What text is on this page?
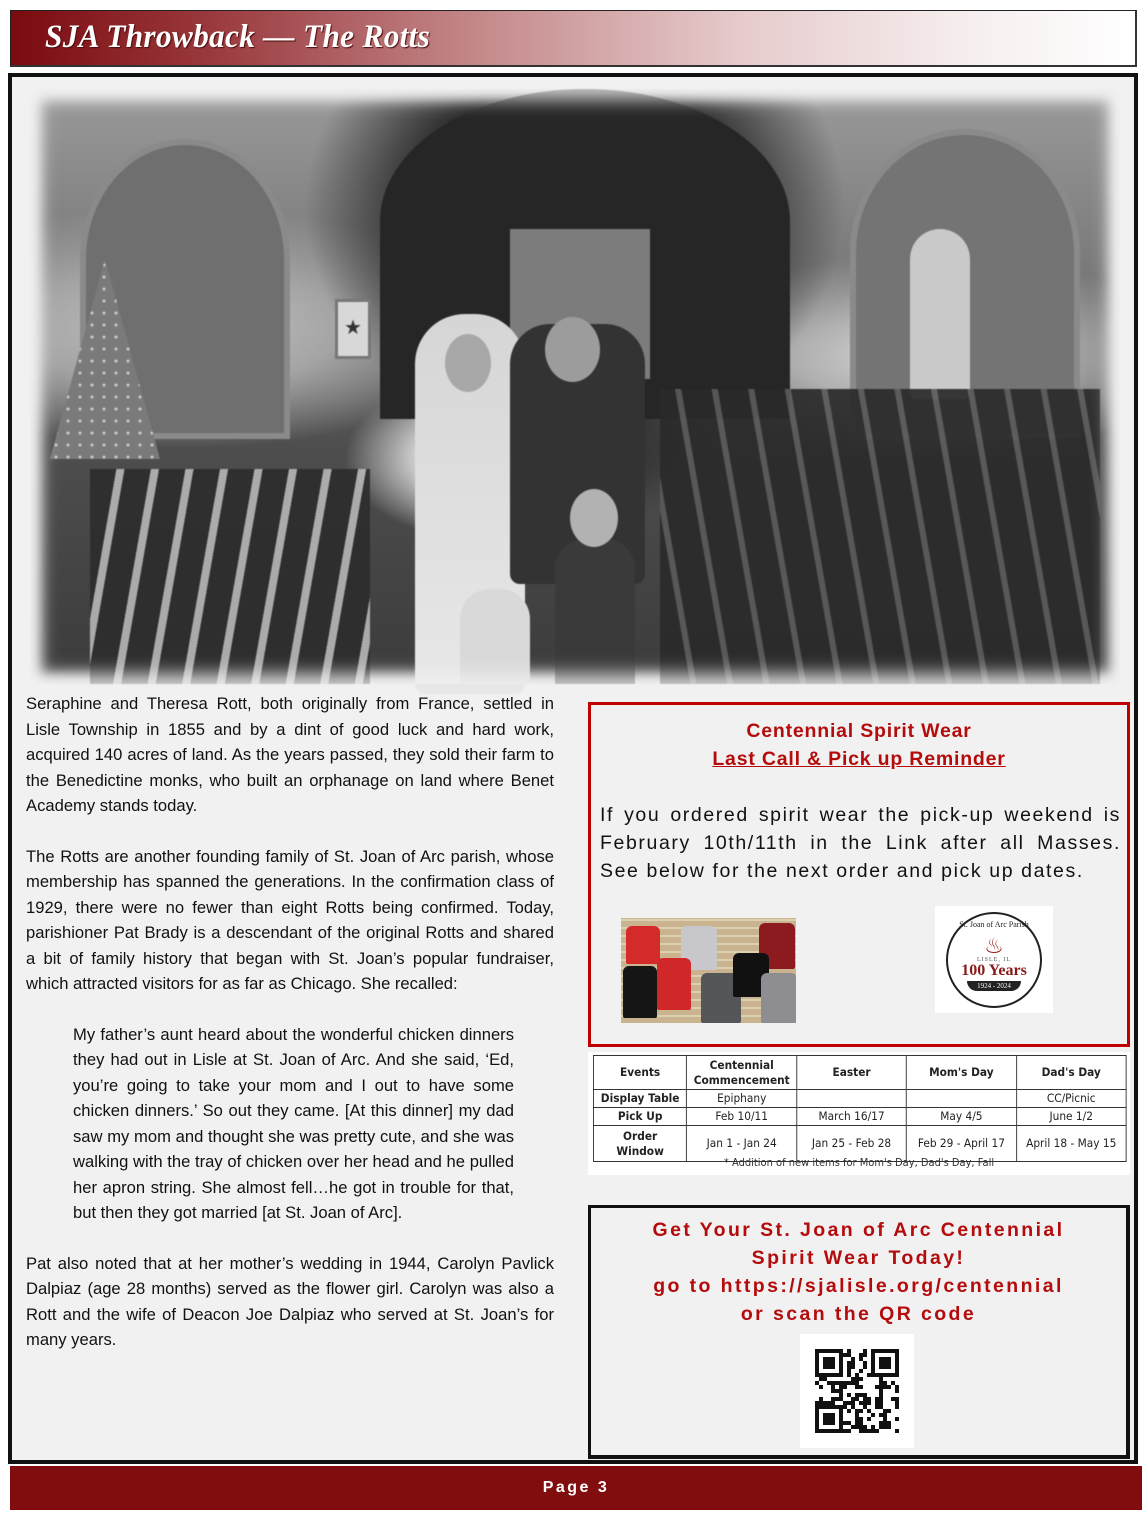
SJA Throwback — The Rotts
★

Seraphine and Theresa Rott, both originally from France, settled in Lisle Township in 1855 and by a dint of good luck and hard work, acquired 140 acres of land. As the years passed, they sold their farm to the Benedictine monks, who built an orphanage on land where Benet Academy stands today.

The Rotts are another founding family of St. Joan of Arc parish, whose membership has spanned the generations. In the confirmation class of 1929, there were no fewer than eight Rotts being confirmed. Today, parishioner Pat Brady is a descendant of the original Rotts and shared a bit of family history that began with St. Joan’s popular fundraiser, which attracted visitors for as far as Chicago. She recalled:

My father’s aunt heard about the wonderful chicken dinners they had out in Lisle at St. Joan of Arc. And she said, ‘Ed, you’re going to take your mom and I out to have some chicken dinners.’ So out they came. [At this dinner] my dad saw my mom and thought she was pretty cute, and she was walking with the tray of chicken over her head and he pulled her apron string. She almost fell…he got in trouble for that, but then they got married [at St. Joan of Arc].

Pat also noted that at her mother’s wedding in 1944, Carolyn Pavlick Dalpiaz (age 28 months) served as the flower girl. Carolyn was also a Rott and the wife of Deacon Joe Dalpiaz who served at St. Joan’s for many years.

Centennial Spirit Wear
Last Call & Pick up Reminder
If you ordered spirit wear the pick-up weekend is February 10th/11th in the Link after all Masses. See below for the next order and pick up dates.
St. Joan of Arc Parish
♨
LISLE, IL
100 Years
1924 - 2024
Events	Centennial Commencement	Easter	Mom's Day	Dad's Day
Display Table	Epiphany			CC/Picnic
Pick Up	Feb 10/11	March 16/17	May 4/5	June 1/2
Order Window	Jan 1 - Jan 24	Jan 25 - Feb 28	Feb 29 - April 17	April 18 - May 15
* Addition of new items for Mom's Day, Dad's Day, Fall
Get Your St. Joan of Arc Centennial
Spirit Wear Today!
go to https://sjalisle.org/centennial
or scan the QR code
Page 3
